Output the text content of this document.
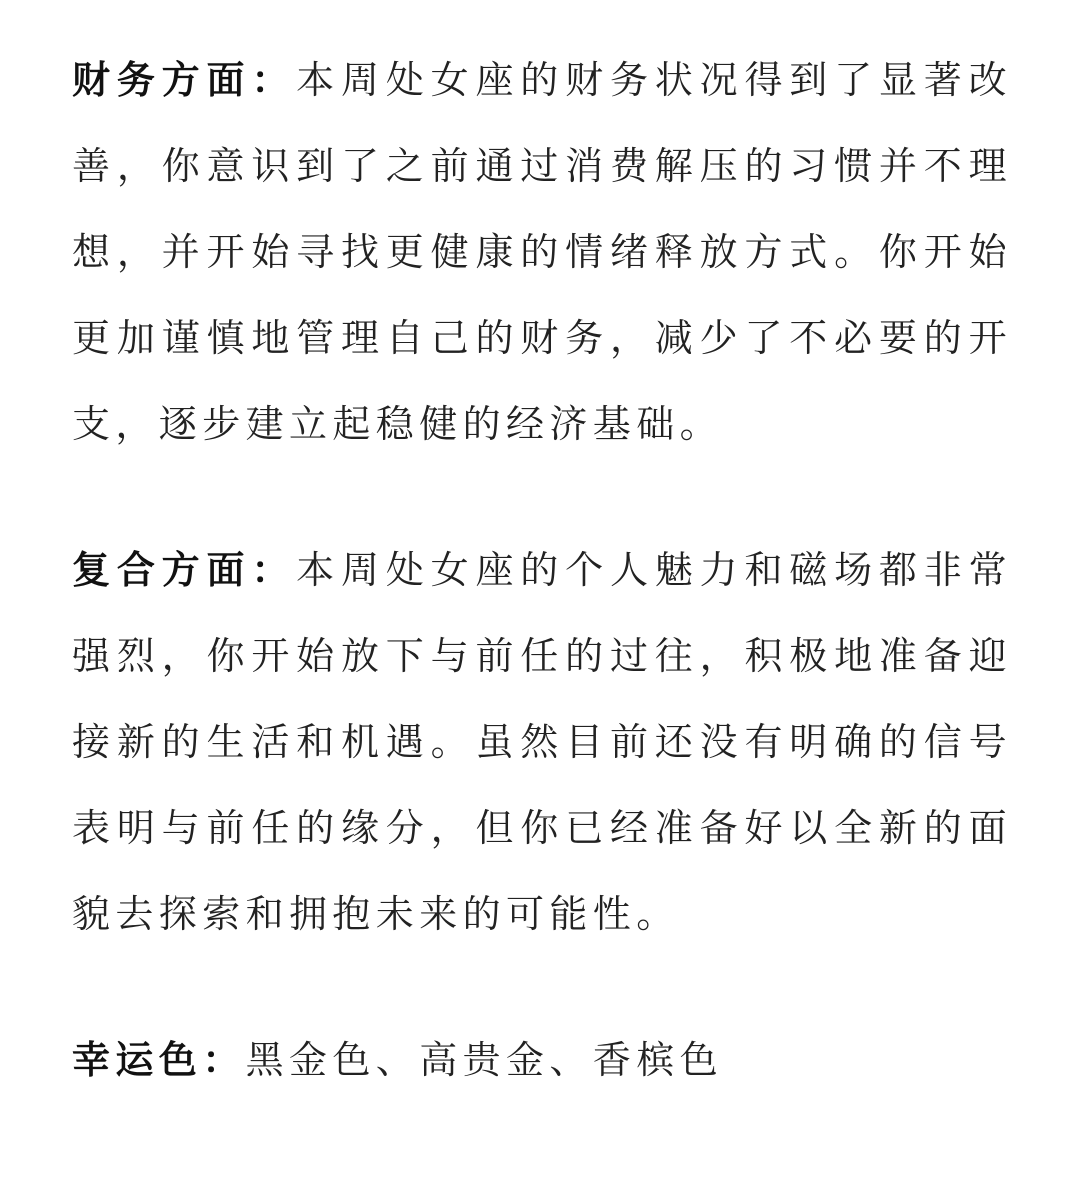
财务方面：本周处女座的财务状况得到了显著改善，你意识到了之前通过消费解压的习惯并不理想，并开始寻找更健康的情绪释放方式。你开始更加谨慎地管理自己的财务，减少了不必要的开支，逐步建立起稳健的经济基础。

复合方面：本周处女座的个人魅力和磁场都非常强烈，你开始放下与前任的过往，积极地准备迎接新的生活和机遇。虽然目前还没有明确的信号表明与前任的缘分，但你已经准备好以全新的面貌去探索和拥抱未来的可能性。

幸运色：黑金色、高贵金、香槟色
